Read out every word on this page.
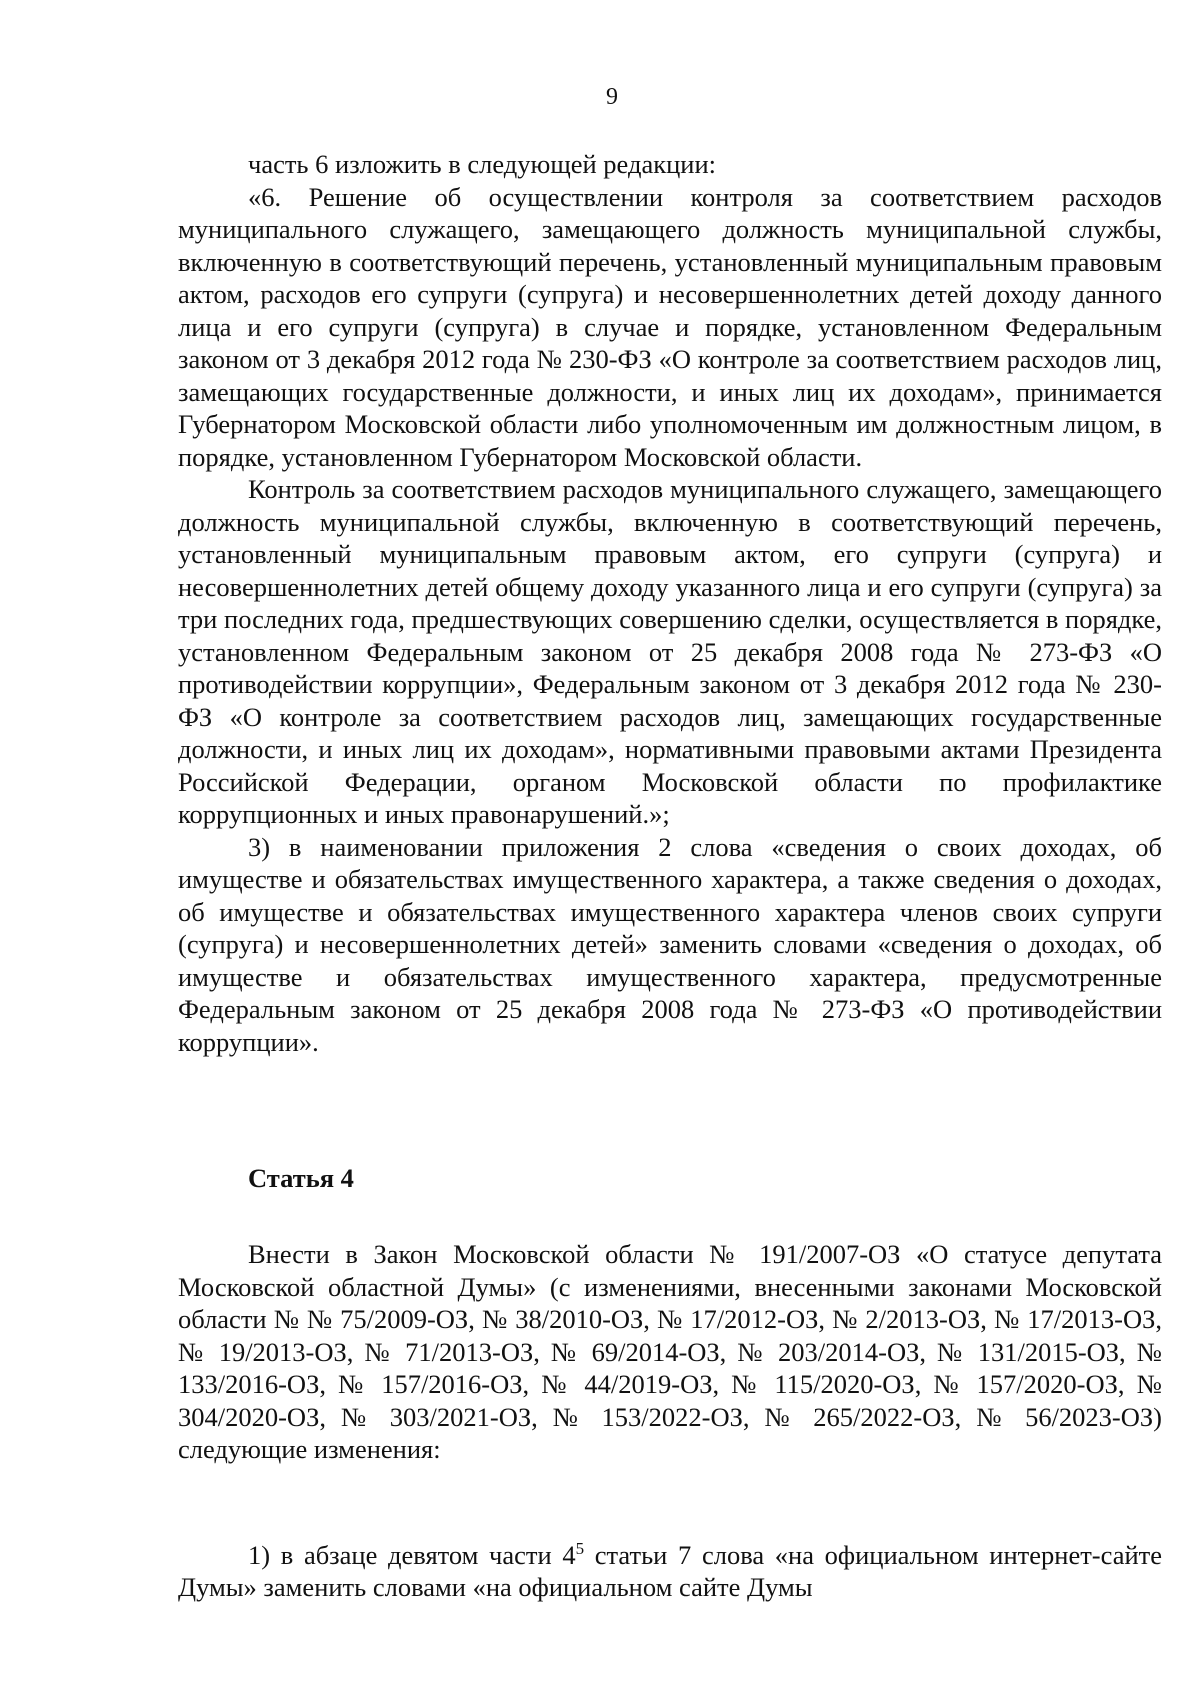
9

часть 6 изложить в следующей редакции:

«6. Решение об осуществлении контроля за соответствием расходов муниципального служащего, замещающего должность муниципальной службы, включенную в соответствующий перечень, установленный муниципальным правовым актом, расходов его супруги (супруга) и несовершеннолетних детей доходу данного лица и его супруги (супруга) в случае и порядке, установленном Федеральным законом от 3 декабря 2012 года № 230-ФЗ «О контроле за соответствием расходов лиц, замещающих государственные должности, и иных лиц их доходам», принимается Губернатором Московской области либо уполномоченным им должностным лицом, в порядке, установленном Губернатором Московской области.

Контроль за соответствием расходов муниципального служащего, замещающего должность муниципальной службы, включенную в соответствующий перечень, установленный муниципальным правовым актом, его супруги (супруга) и несовершеннолетних детей общему доходу указанного лица и его супруги (супруга) за три последних года, предшествующих совершению сделки, осуществляется в порядке, установленном Федеральным законом от 25 декабря 2008 года № 273-ФЗ «О противодействии коррупции», Федеральным законом от 3 декабря 2012 года № 230-ФЗ «О контроле за соответствием расходов лиц, замещающих государственные должности, и иных лиц их доходам», нормативными правовыми актами Президента Российской Федерации, органом Московской области по профилактике коррупционных и иных правонарушений.»;

3) в наименовании приложения 2 слова «сведения о своих доходах, об имуществе и обязательствах имущественного характера, а также сведения о доходах, об имуществе и обязательствах имущественного характера членов своих супруги (супруга) и несовершеннолетних детей» заменить словами «сведения о доходах, об имуществе и обязательствах имущественного характера, предусмотренные Федеральным законом от 25 декабря 2008 года № 273-ФЗ «О противодействии коррупции».

Статья 4

Внести в Закон Московской области № 191/2007-ОЗ «О статусе депутата Московской областной Думы» (с изменениями, внесенными законами Московской области № № 75/2009-ОЗ, № 38/2010-ОЗ, № 17/2012-ОЗ, № 2/2013-ОЗ, № 17/2013-ОЗ, № 19/2013-ОЗ, № 71/2013-ОЗ, № 69/2014-ОЗ, № 203/2014-ОЗ, № 131/2015-ОЗ, № 133/2016-ОЗ, № 157/2016-ОЗ, № 44/2019-ОЗ, № 115/2020-ОЗ, № 157/2020-ОЗ, № 304/2020-ОЗ, № 303/2021-ОЗ, № 153/2022-ОЗ, № 265/2022-ОЗ, № 56/2023-ОЗ) следующие изменения:

1) в абзаце девятом части $4^5$ статьи 7 слова «на официальном интернет-сайте Думы» заменить словами «на официальном сайте Думы
